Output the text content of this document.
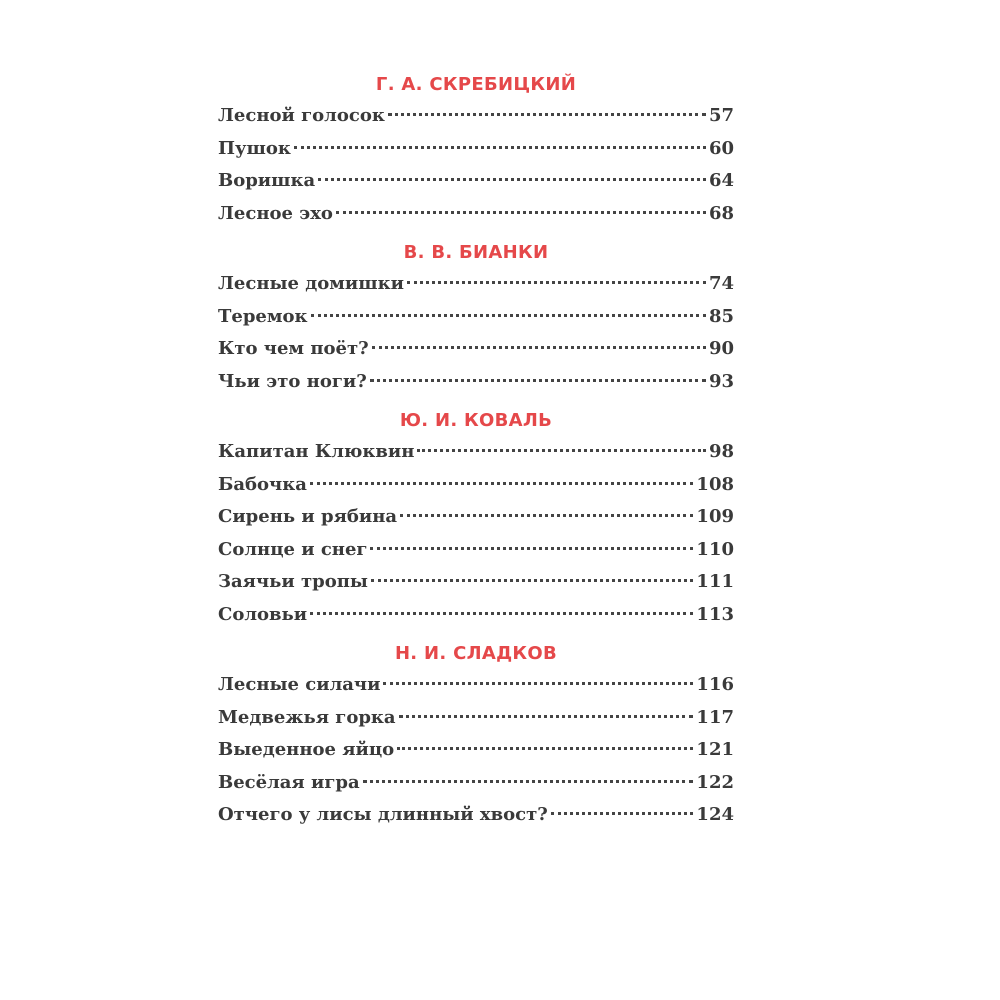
Г. А. СКРЕБИЦКИЙ
Лесной голосок	57
Пушок	60
Воришка	64
Лесное эхо	68
В. В. БИАНКИ
Лесные домишки	74
Теремок	85
Кто чем поёт?	90
Чьи это ноги?	93
Ю. И. КОВАЛЬ
Капитан Клюквин	98
Бабочка	108
Сирень и рябина	109
Солнце и снег	110
Заячьи тропы	111
Соловьи	113
Н. И. СЛАДКОВ
Лесные силачи	116
Медвежья горка	117
Выеденное яйцо	121
Весёлая игра	122
Отчего у лисы длинный хвост?	124
